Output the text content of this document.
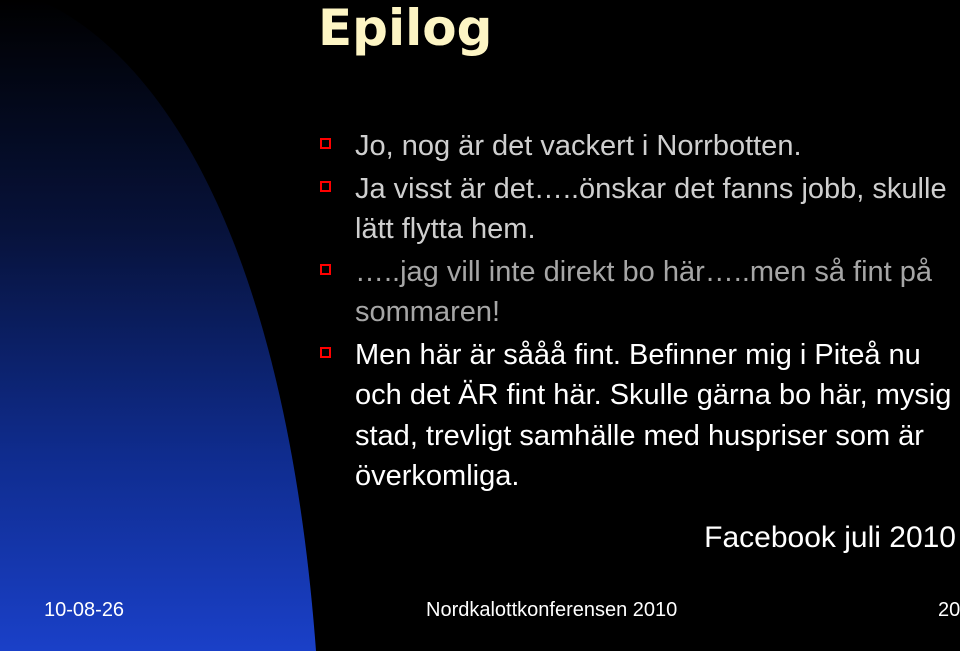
Epilog
Jo, nog är det vackert i Norrbotten.
Ja visst är det…..önskar det fanns jobb, skulle lätt flytta hem.
…..jag vill inte direkt bo här…..men så fint på sommaren!
Men här är sååå fint. Befinner mig i Piteå nu och det ÄR fint här. Skulle gärna bo här, mysig stad, trevligt samhälle med huspriser som är överkomliga.
Facebook juli 2010
10-08-26	Nordkalottkonferensen 2010	20
